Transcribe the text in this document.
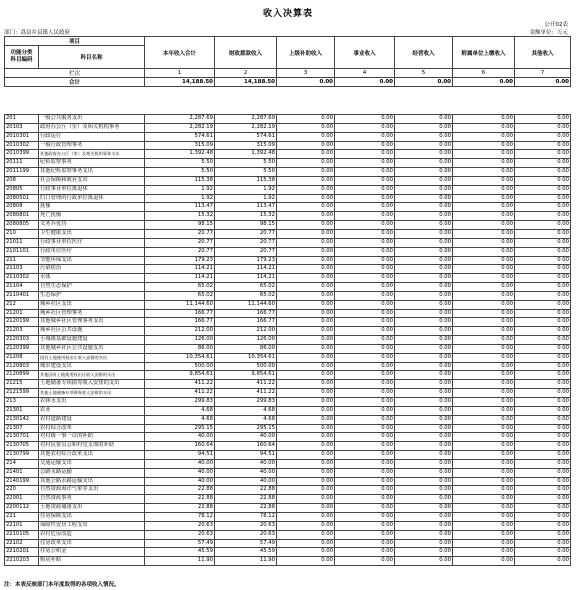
收入决算表
公开02表
部门：荔县乡县镇人民政府	金额单位：万元
项目		本年收入合计	财政拨款收入	上级补助收入	事业收入	经营收入	附属单位上缴收入	其他收入
功能分类
科目编码	科目名称							
栏次		1	2	3	4	5	6	7
合计		14,188.50	14,188.50	0.00	0.00	0.00	0.00	0.00
201	一般公共服务支出	2,287.69	2,287.69	0.00	0.00	0.00	0.00	0.00
20103	政府办公厅（室）及相关机构事务	2,282.19	2,282.19	0.00	0.00	0.00	0.00	0.00
2010301	行政运行	574.61	574.61	0.00	0.00	0.00	0.00	0.00
2010302	一般行政管理事务	315.09	315.09	0.00	0.00	0.00	0.00	0.00
2010399	其他政府办公厅（室）及相关机构事务支出	1,392.48	1,392.48	0.00	0.00	0.00	0.00	0.00
20111	纪检监察事务	5.50	5.50	0.00	0.00	0.00	0.00	0.00
2011199	其他纪检监察事务支出	5.50	5.50	0.00	0.00	0.00	0.00	0.00
208	社会保障和就业支出	115.38	115.38	0.00	0.00	0.00	0.00	0.00
20805	行政事业单位离退休	1.92	1.92	0.00	0.00	0.00	0.00	0.00
2080501	归口管理的行政单位离退休	1.92	1.92	0.00	0.00	0.00	0.00	0.00
20808	抚恤	113.47	113.47	0.00	0.00	0.00	0.00	0.00
2080801	死亡抚恤	15.32	15.32	0.00	0.00	0.00	0.00	0.00
2080805	义务兵优待	98.15	98.15	0.00	0.00	0.00	0.00	0.00
210	卫生健康支出	20.77	20.77	0.00	0.00	0.00	0.00	0.00
21011	行政事业单位医疗	20.77	20.77	0.00	0.00	0.00	0.00	0.00
2101101	行政单位医疗	20.77	20.77	0.00	0.00	0.00	0.00	0.00
211	节能环保支出	179.23	179.23	0.00	0.00	0.00	0.00	0.00
21103	污染防治	114.21	114.21	0.00	0.00	0.00	0.00	0.00
2110302	水体	114.21	114.21	0.00	0.00	0.00	0.00	0.00
21104	自然生态保护	65.02	65.02	0.00	0.00	0.00	0.00	0.00
2110401	生态保护	65.02	65.02	0.00	0.00	0.00	0.00	0.00
212	城乡社区支出	11,144.60	11,144.60	0.00	0.00	0.00	0.00	0.00
21201	城乡社区管理事务	166.77	166.77	0.00	0.00	0.00	0.00	0.00
2120199	其他城乡社区管理事务支出	166.77	166.77	0.00	0.00	0.00	0.00	0.00
21203	城乡社区公共设施	212.00	212.00	0.00	0.00	0.00	0.00	0.00
2120303	小城镇基础设施建设	126.00	126.00	0.00	0.00	0.00	0.00	0.00
2120399	其他城乡社区公共设施支出	86.00	86.00	0.00	0.00	0.00	0.00	0.00
21208	国有土地使用权出让收入安排的支出	10,354.61	10,354.61	0.00	0.00	0.00	0.00	0.00
2120803	城市建设支出	500.00	500.00	0.00	0.00	0.00	0.00	0.00
2120899	其他国有土地使用权出让收入安排的支出	9,854.61	9,854.61	0.00	0.00	0.00	0.00	0.00
21215	土地储备专项债券收入安排的支出	411.22	411.22	0.00	0.00	0.00	0.00	0.00
2121599	其他土地储备专项债券收入安排的支出	411.22	411.22	0.00	0.00	0.00	0.00	0.00
213	农林水支出	299.83	299.83	0.00	0.00	0.00	0.00	0.00
21301	农业	4.68	4.68	0.00	0.00	0.00	0.00	0.00
2130142	农村道路建设	4.68	4.68	0.00	0.00	0.00	0.00	0.00
21307	农村综合改革	295.15	295.15	0.00	0.00	0.00	0.00	0.00
2130701	对村级一事一议的补助	40.00	40.00	0.00	0.00	0.00	0.00	0.00
2130705	对村民委员会和村党支部的补助	160.64	160.64	0.00	0.00	0.00	0.00	0.00
2130799	其他农村综合改革支出	94.51	94.51	0.00	0.00	0.00	0.00	0.00
214	交通运输支出	40.00	40.00	0.00	0.00	0.00	0.00	0.00
21401	公路水路运输	40.00	40.00	0.00	0.00	0.00	0.00	0.00
2140199	其他公路水路运输支出	40.00	40.00	0.00	0.00	0.00	0.00	0.00
220	自然资源海洋气象等支出	22.88	22.88	0.00	0.00	0.00	0.00	0.00
22001	自然资源事务	22.88	22.88	0.00	0.00	0.00	0.00	0.00
2200112	土地资源储备支出	22.88	22.88	0.00	0.00	0.00	0.00	0.00
221	住房保障支出	78.12	78.12	0.00	0.00	0.00	0.00	0.00
22101	保障性安居工程支出	20.63	20.63	0.00	0.00	0.00	0.00	0.00
2210105	农村危房改造	20.63	20.63	0.00	0.00	0.00	0.00	0.00
22102	住房改革支出	57.49	57.49	0.00	0.00	0.00	0.00	0.00
2210201	住房公积金	45.59	45.59	0.00	0.00	0.00	0.00	0.00
2210203	购房补贴	11.90	11.90	0.00	0.00	0.00	0.00	0.00
注：本表反映部门本年度取得的各项收入情况。
